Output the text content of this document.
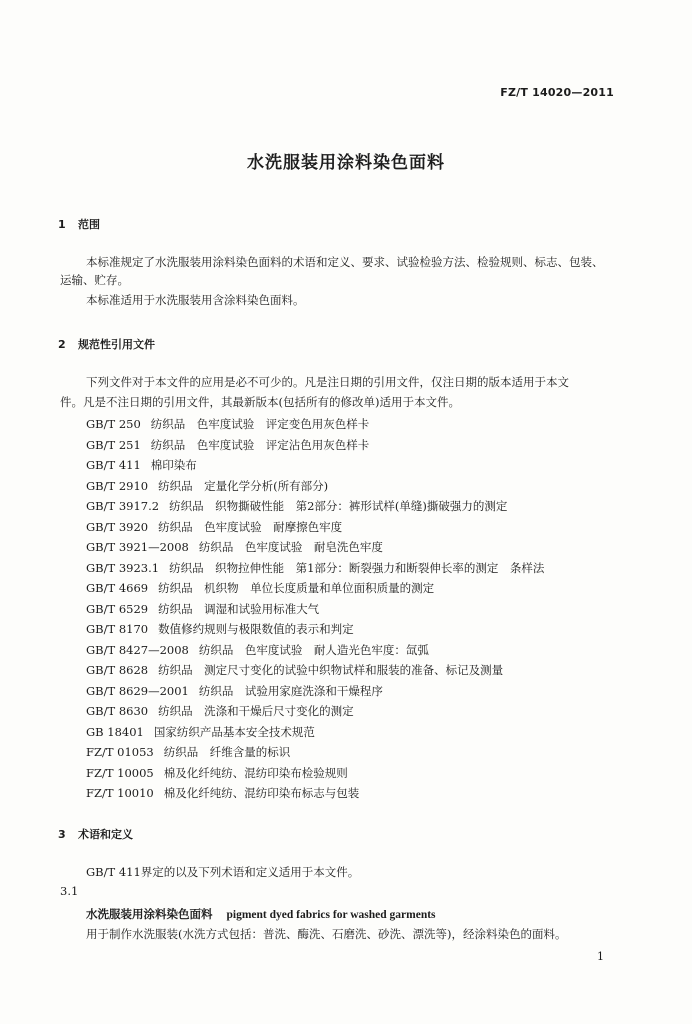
FZ/T 14020—2011
水洗服装用涂料染色面料
1 范围
本标准规定了水洗服装用涂料染色面料的术语和定义、要求、试验检验方法、检验规则、标志、包装、
运输、贮存。
本标准适用于水洗服装用含涂料染色面料。
2 规范性引用文件
下列文件对于本文件的应用是必不可少的。凡是注日期的引用文件，仅注日期的版本适用于本文
件。凡是不注日期的引用文件，其最新版本(包括所有的修改单)适用于本文件。
GB/T 250 纺织品　色牢度试验　评定变色用灰色样卡
GB/T 251 纺织品　色牢度试验　评定沾色用灰色样卡
GB/T 411 棉印染布
GB/T 2910 纺织品　定量化学分析(所有部分)
GB/T 3917.2 纺织品　织物撕破性能　第2部分：裤形试样(单缝)撕破强力的测定
GB/T 3920 纺织品　色牢度试验　耐摩擦色牢度
GB/T 3921—2008 纺织品　色牢度试验　耐皂洗色牢度
GB/T 3923.1 纺织品　织物拉伸性能　第1部分：断裂强力和断裂伸长率的测定　条样法
GB/T 4669 纺织品　机织物　单位长度质量和单位面积质量的测定
GB/T 6529 纺织品　调湿和试验用标准大气
GB/T 8170 数值修约规则与极限数值的表示和判定
GB/T 8427—2008 纺织品　色牢度试验　耐人造光色牢度：氙弧
GB/T 8628 纺织品　测定尺寸变化的试验中织物试样和服装的准备、标记及测量
GB/T 8629—2001 纺织品　试验用家庭洗涤和干燥程序
GB/T 8630 纺织品　洗涤和干燥后尺寸变化的测定
GB 18401 国家纺织产品基本安全技术规范
FZ/T 01053 纺织品　纤维含量的标识
FZ/T 10005 棉及化纤纯纺、混纺印染布检验规则
FZ/T 10010 棉及化纤纯纺、混纺印染布标志与包装
3 术语和定义
GB/T 411界定的以及下列术语和定义适用于本文件。
3.1
水洗服装用涂料染色面料 pigment dyed fabrics for washed garments
用于制作水洗服装(水洗方式包括：普洗、酶洗、石磨洗、砂洗、漂洗等)，经涂料染色的面料。
1
